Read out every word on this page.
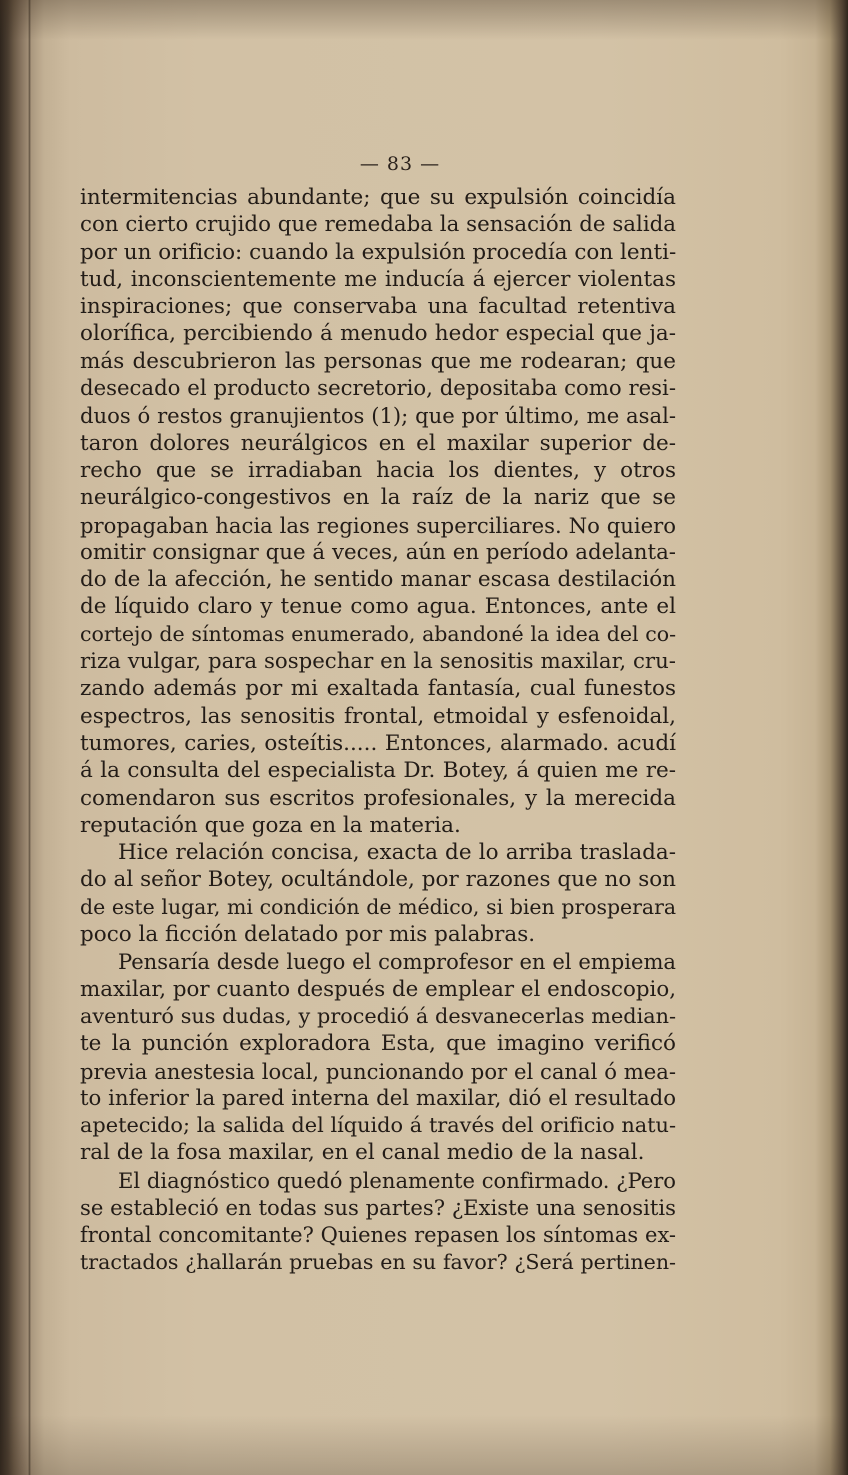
— 83 —
intermitencias abundante; que su expulsión coincidía
con cierto crujido que remedaba la sensación de salida
por un orificio: cuando la expulsión procedía con lenti-
tud, inconscientemente me inducía á ejercer violentas
inspiraciones; que conservaba una facultad retentiva
olorífica, percibiendo á menudo hedor especial que ja-
más descubrieron las personas que me rodearan; que
desecado el producto secretorio, depositaba como resi-
duos ó restos granujientos (1); que por último, me asal-
taron dolores neurálgicos en el maxilar superior de-
recho que se irradiaban hacia los dientes, y otros
neurálgico-congestivos en la raíz de la nariz que se
propagaban hacia las regiones superciliares. No quiero
omitir consignar que á veces, aún en período adelanta-
do de la afección, he sentido manar escasa destilación
de líquido claro y tenue como agua. Entonces, ante el
cortejo de síntomas enumerado, abandoné la idea del co-
riza vulgar, para sospechar en la senositis maxilar, cru-
zando además por mi exaltada fantasía, cual funestos
espectros, las senositis frontal, etmoidal y esfenoidal,
tumores, caries, osteítis..... Entonces, alarmado. acudí
á la consulta del especialista Dr. Botey, á quien me re-
comendaron sus escritos profesionales, y la merecida
reputación que goza en la materia.
Hice relación concisa, exacta de lo arriba traslada-
do al señor Botey, ocultándole, por razones que no son
de este lugar, mi condición de médico, si bien prosperara
poco la ficción delatado por mis palabras.
Pensaría desde luego el comprofesor en el empiema
maxilar, por cuanto después de emplear el endoscopio,
aventuró sus dudas, y procedió á desvanecerlas median-
te la punción exploradora Esta, que imagino verificó
previa anestesia local, puncionando por el canal ó mea-
to inferior la pared interna del maxilar, dió el resultado
apetecido; la salida del líquido á través del orificio natu-
ral de la fosa maxilar, en el canal medio de la nasal.
El diagnóstico quedó plenamente confirmado. ¿Pero
se estableció en todas sus partes? ¿Existe una senositis
frontal concomitante? Quienes repasen los síntomas ex-
tractados ¿hallarán pruebas en su favor? ¿Será pertinen-
